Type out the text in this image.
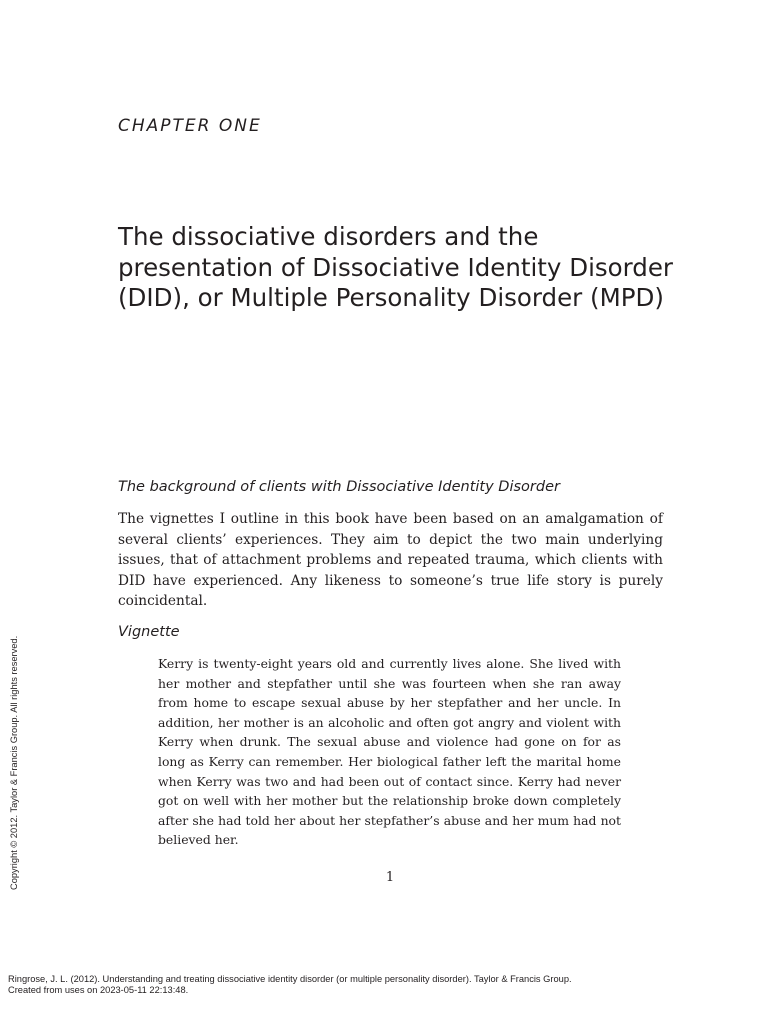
CHAPTER ONE
The dissociative disorders and the presentation of Dissociative Identity Disorder (DID), or Multiple Personality Disorder (MPD)
The background of clients with Dissociative Identity Disorder

The vignettes I outline in this book have been based on an amalgamation of several clients’ experiences. They aim to depict the two main underlying issues, that of attachment problems and repeated trauma, which clients with DID have experienced. Any likeness to someone’s true life story is purely coincidental.

Vignette

Kerry is twenty-eight years old and currently lives alone. She lived with her mother and stepfather until she was fourteen when she ran away from home to escape sexual abuse by her stepfather and her uncle. In addition, her mother is an alcoholic and often got angry and violent with Kerry when drunk. The sexual abuse and violence had gone on for as long as Kerry can remember. Her biological father left the marital home when Kerry was two and had been out of contact since. Kerry had never got on well with her mother but the relationship broke down completely after she had told her about her stepfather’s abuse and her mum had not believed her.

1
Copyright © 2012. Taylor & Francis Group. All rights reserved.
Ringrose, J. L. (2012). Understanding and treating dissociative identity disorder (or multiple personality disorder). Taylor & Francis Group.
Created from uses on 2023-05-11 22:13:48.
